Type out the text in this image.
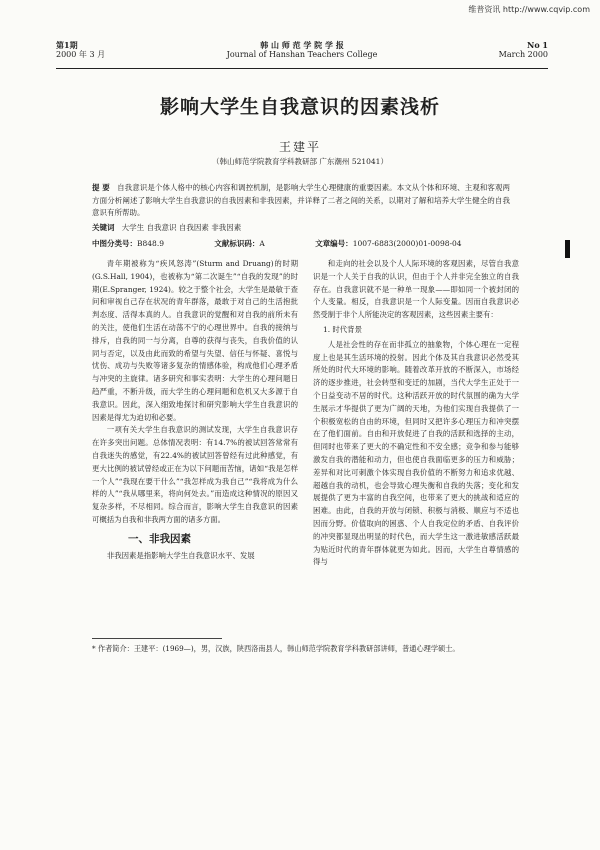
维普资讯 http://www.cqvip.com
第1期
2000 年 3 月
韩 山 师 范 学 院 学 报
Journal of Hanshan Teachers College
No 1
March 2000
影响大学生自我意识的因素浅析
王建平
（韩山师范学院教育学科教研部 广东潮州 521041）
提 要 自我意识是个体人格中的核心内容和调控机制，是影响大学生心理健康的重要因素。本文从个体和环境、主观和客观两方面分析阐述了影响大学生自我意识的自我因素和非我因素，并详释了二者之间的关系，以期对了解和培养大学生健全的自我意识有所帮助。
关键词 大学生 自我意识 自我因素 非我因素
中图分类号：B848.9	文献标识码：A	文章编号：1007-6883(2000)01-0098-04

青年期被称为“疾风怒涛”(Sturm and Druang)的时期(G.S.Hall, 1904)，也被称为“第二次诞生”“自我的发现”的时期(E.Spranger, 1924)。较之于整个社会，大学生是最敏于查问和审视自己存在状况的青年群落，最敢于对自己的生活抱批判态度、活得本真的人。自我意识的觉醒和对自我的前所未有的关注，使他们生活在动荡不宁的心理世界中。自我的接纳与排斥，自我的同一与分离，自尊的获得与丧失，自我价值的认同与否定，以及由此而致的希望与失望、信任与怀疑、喜悦与忧伤、成功与失败等诸多复杂的情感体验，构成他们心理矛盾与冲突的主旋律。诸多研究和事实表明：大学生的心理问题日趋严重，不断升级，而大学生的心理问题和危机又大多源于自我意识。因此，深入细致地探讨和研究影响大学生自我意识的因素是得尤为迫切和必要。

一项有关大学生自我意识的测试发现，大学生自我意识存在许多突出问题。总体情况表明：有14.7%的被试回答常常有自我迷失的感觉，有22.4%的被试回答曾经有过此种感觉，有更大比例的被试曾经或正在为以下问题而苦恼，诸如“我是怎样一个人”“我现在要干什么”“我怎样成为我自己”“我将成为什么样的人”“我从哪里来，将向何处去。”而造成这种情况的原因又复杂多样，不尽相同。综合而言，影响大学生自我意识的因素可概括为自我和非我两方面的诸多方面。

一、非我因素

非我因素是指影响大学生自我意识水平、发展

和走向的社会以及个人人际环境的客观因素，尽管自我意识是一个人关于自我的认识，但由于个人并非完全独立的自我存在。自我意识就不是一种单一现象——即如同一个被封闭的个人变量。相反，自我意识是一个人际变量。因而自我意识必然受制于非个人所能决定的客观因素，这些因素主要有：

1. 时代背景

人是社会性的存在而非孤立的抽象物，个体心理在一定程度上也是其生活环境的投射。因此个体及其自我意识必然受其所处的时代大环境的影响。随着改革开放的不断深入，市场经济的逐步推进，社会转型和变迁的加剧，当代大学生正处于一个日益变动不居的时代。这种活跃开放的时代氛围的确为大学生展示才华提供了更为广阔的天地，为他们实现自我提供了一个积极宽松的自由的环境，但同时又把许多心理压力和冲突摆在了他们面前。自由和开放促进了自我的活跃和选择的主动，但同时也带来了更大的不确定性和不安全感；竞争和参与能够激发自我的潜能和动力，但也使自我面临更多的压力和威胁；差异和对比可刺激个体实现自我价值的不断努力和追求优越、超越自我的动机，也会导致心理失衡和自我的失落；变化和发展提供了更为丰富的自我空间，也带来了更大的挑战和适应的困难。由此，自我的开放与闭锁、积极与消极、顺应与不适也因而分野。价值取向的困惑、个人自我定位的矛盾、自我评价的冲突都显现出明显的时代色，而大学生这一激进敏感活跃最为贴近时代的青年群体就更为如此。因而，大学生自尊情感的得与

* 作者简介：王建平：(1969—)，男，汉族，陕西洛南县人，韩山师范学院教育学科教研部讲师，普通心理学硕士。
